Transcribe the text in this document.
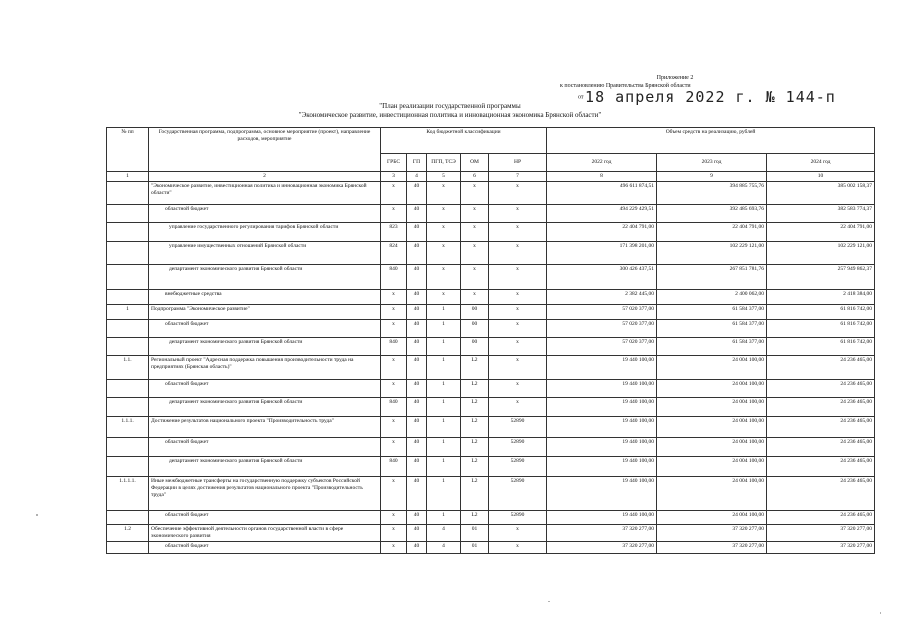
Приложение 2
к постановлению Правительства Брянской области
от 18 апреля 2022 г. № 144-п
"План реализации государственной программы
"Экономическое развитие, инвестиционная политика и инновационная экономика Брянской области"
№ пп	Государственная программа, подпрограмма, основное мероприятие (проект), направление расходов, мероприятие	Код бюджетной классификации					Объем средств на реализацию, рублей		
		ГРБС	ГП	ПГП, ТСЭ	ОМ	НР	2022 год	2023 год	2024 год
1	2	3	4	5	6	7	8	9	10
	"Экономическое развитие, инвестиционная политика и инновационная экономика Брянской области"	х	40	х	х	х	496 611 874,51	394 885 755,76	385 002 158,37
	областной бюджет	х	40	х	х	х	494 229 429,51	392 485 693,76	382 583 774,37
	управление государственного регулирования тарифов Брянской области	823	40	х	х	х	22 404 791,00	22 404 791,00	22 404 791,00
	управление имущественных отношений Брянской области	824	40	х	х	х	171 398 201,00	102 229 121,00	102 229 121,00
	департамент экономического развития Брянской области	840	40	х	х	х	300 426 437,51	267 851 781,76	257 949 862,37
	внебюджетные средства	х	40	х	х	х	2 382 445,00	2 400 062,00	2 418 384,00
1	Подпрограмма "Экономическое развитие"	х	40	1	00	х	57 020 377,00	61 584 377,00	61 816 742,00
	областной бюджет	х	40	1	00	х	57 020 377,00	61 584 377,00	61 816 742,00
	департамент экономического развития Брянской области	840	40	1	00	х	57 020 377,00	61 584 377,00	61 816 742,00
1.1.	Региональный проект "Адресная поддержка повышения производительности труда на предприятиях (Брянская область)"	х	40	1	L2	х	19 440 100,00	24 004 100,00	24 236 465,00
	областной бюджет	х	40	1	L2	х	19 440 100,00	24 004 100,00	24 236 465,00
	департамент экономического развития Брянской области	840	40	1	L2	х	19 440 100,00	24 004 100,00	24 236 465,00
1.1.1.	Достижение результатов национального проекта "Производительность труда"	х	40	1	L2	52890	19 440 100,00	24 004 100,00	24 236 465,00
	областной бюджет	х	40	1	L2	52890	19 440 100,00	24 004 100,00	24 236 465,00
	департамент экономического развития Брянской области	840	40	1	L2	52890	19 440 100,00	24 004 100,00	24 236 465,00
1.1.1.1.	Иные межбюджетные трансферты на государственную поддержку субъектов Российской Федерации в целях достижения результатов национального проекта "Производительность труда"	х	40	1	L2	52890	19 440 100,00	24 004 100,00	24 236 465,00
	областной бюджет	х	40	1	L2	52890	19 440 100,00	24 004 100,00	24 236 465,00
1.2	Обеспечение эффективной деятельности органов государственной власти в сфере экономического развития	х	40	4	01	х	37 320 277,00	37 320 277,00	37 320 277,00
	областной бюджет	х	40	4	01	х	37 320 277,00	37 320 277,00	37 320 277,00
